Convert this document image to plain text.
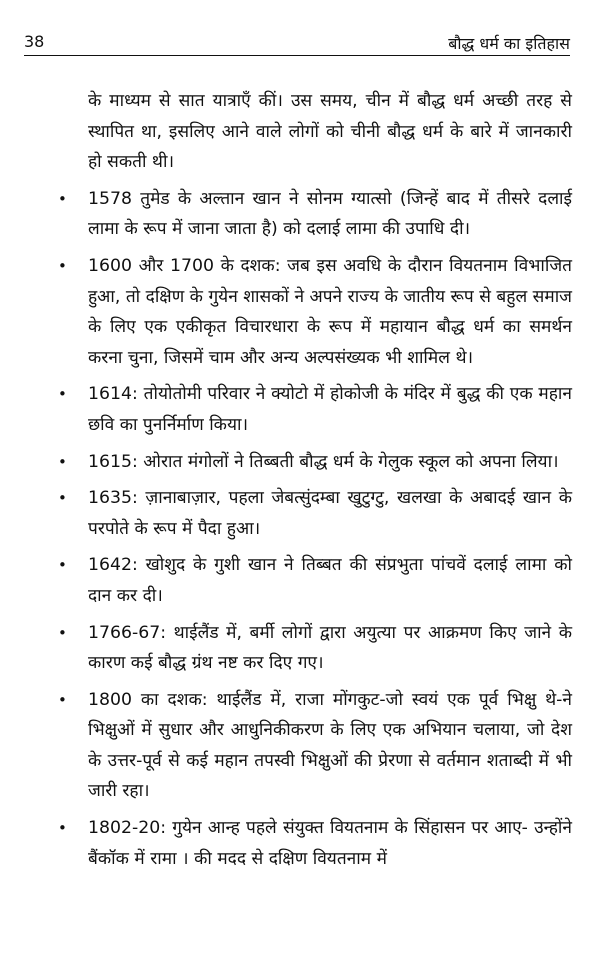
38	बौद्ध धर्म का इतिहास

के माध्यम से सात यात्राएँ कीं। उस समय, चीन में बौद्ध धर्म अच्छी तरह से स्थापित था, इसलिए आने वाले लोगों को चीनी बौद्ध धर्म के बारे में जानकारी हो सकती थी।

• 1578 तुमेड के अल्तान खान ने सोनम ग्यात्सो (जिन्हें बाद में तीसरे दलाई लामा के रूप में जाना जाता है) को दलाई लामा की उपाधि दी।
• 1600 और 1700 के दशक: जब इस अवधि के दौरान वियतनाम विभाजित हुआ, तो दक्षिण के गुयेन शासकों ने अपने राज्य के जातीय रूप से बहुल समाज के लिए एक एकीकृत विचारधारा के रूप में महायान बौद्ध धर्म का समर्थन करना चुना, जिसमें चाम और अन्य अल्पसंख्यक भी शामिल थे।
• 1614: तोयोतोमी परिवार ने क्योटो में होकोजी के मंदिर में बुद्ध की एक महान छवि का पुनर्निर्माण किया।
• 1615: ओरात मंगोलों ने तिब्बती बौद्ध धर्म के गेलुक स्कूल को अपना लिया।
• 1635: ज़ानाबाज़ार, पहला जेबत्सुंदम्बा खुटुग्टु, खलखा के अबादई खान के परपोते के रूप में पैदा हुआ।
• 1642: खोशुद के गुशी खान ने तिब्बत की संप्रभुता पांचवें दलाई लामा को दान कर दी।
• 1766-67: थाईलैंड में, बर्मी लोगों द्वारा अयुत्या पर आक्रमण किए जाने के कारण कई बौद्ध ग्रंथ नष्ट कर दिए गए।
• 1800 का दशक: थाईलैंड में, राजा मोंगकुट-जो स्वयं एक पूर्व भिक्षु थे-ने भिक्षुओं में सुधार और आधुनिकीकरण के लिए एक अभियान चलाया, जो देश के उत्तर-पूर्व से कई महान तपस्वी भिक्षुओं की प्रेरणा से वर्तमान शताब्दी में भी जारी रहा।
• 1802-20: गुयेन आन्ह पहले संयुक्त वियतनाम के सिंहासन पर आए- उन्होंने बैंकॉक में रामा । की मदद से दक्षिण वियतनाम में
